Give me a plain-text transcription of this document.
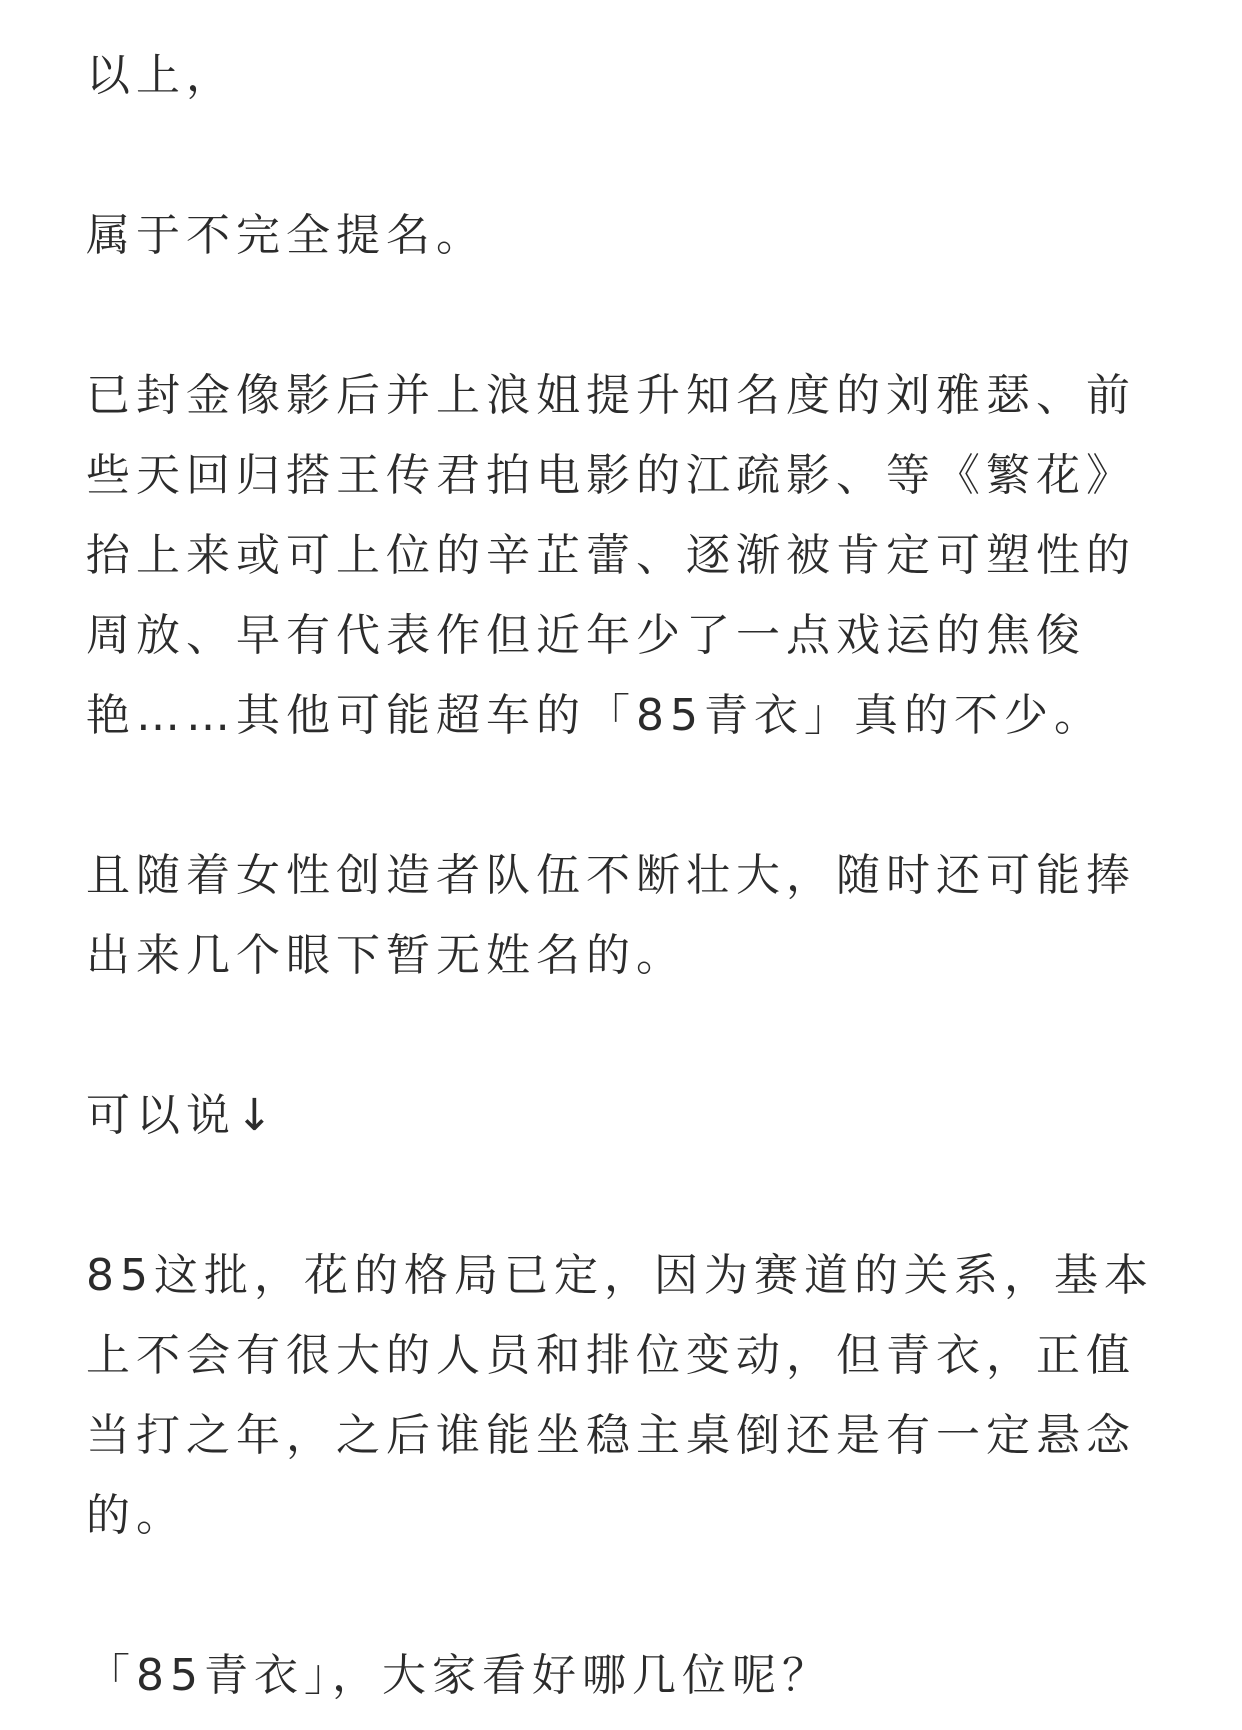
以上，

属于不完全提名。

已封金像影后并上浪姐提升知名度的刘雅瑟、前些天回归搭王传君拍电影的江疏影、等《繁花》抬上来或可上位的辛芷蕾、逐渐被肯定可塑性的周放、早有代表作但近年少了一点戏运的焦俊艳……其他可能超车的「85青衣」真的不少。

且随着女性创造者队伍不断壮大，随时还可能捧出来几个眼下暂无姓名的。

可以说↓

85这批，花的格局已定，因为赛道的关系，基本上不会有很大的人员和排位变动，但青衣，正值当打之年，之后谁能坐稳主桌倒还是有一定悬念的。

「85青衣」，大家看好哪几位呢？
